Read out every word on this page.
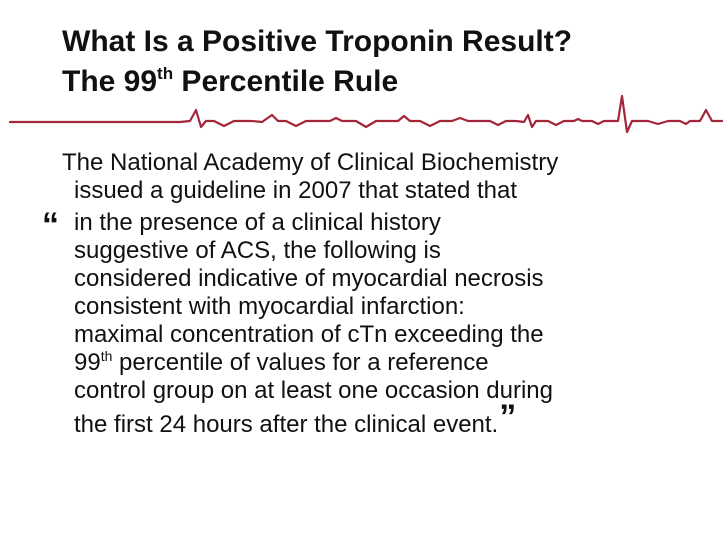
What Is a Positive Troponin Result?
The 99th Percentile Rule

The National Academy of Clinical Biochemistry
issued a guideline in 2007 that stated that

“ in the presence of a clinical history
suggestive of ACS, the following is
considered indicative of myocardial necrosis
consistent with myocardial infarction:
maximal concentration of cTn exceeding the
99th percentile of values for a reference
control group on at least one occasion during
the first 24 hours after the clinical event.”
